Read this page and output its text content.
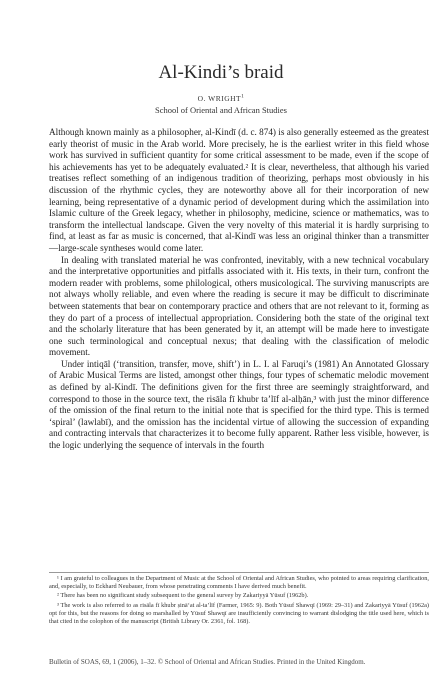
Al-Kindi’s braid
O. WRIGHT$^1$
School of Oriental and African Studies

Although known mainly as a philosopher, al-Kindī (d. c. 874) is also generally esteemed as the greatest early theorist of music in the Arab world. More precisely, he is the earliest writer in this field whose work has survived in sufficient quantity for some critical assessment to be made, even if the scope of his achievements has yet to be adequately evaluated.² It is clear, nevertheless, that although his varied treatises reflect something of an indigenous tradition of theorizing, perhaps most obviously in his discussion of the rhythmic cycles, they are noteworthy above all for their incorporation of new learning, being representative of a dynamic period of development during which the assimilation into Islamic culture of the Greek legacy, whether in philosophy, medicine, science or mathematics, was to transform the intellectual landscape. Given the very novelty of this material it is hardly surprising to find, at least as far as music is concerned, that al-Kindī was less an original thinker than a transmitter—large-scale syntheses would come later.

In dealing with translated material he was confronted, inevitably, with a new technical vocabulary and the interpretative opportunities and pitfalls associated with it. His texts, in their turn, confront the modern reader with problems, some philological, others musicological. The surviving manuscripts are not always wholly reliable, and even where the reading is secure it may be difficult to discriminate between statements that bear on contemporary practice and others that are not relevant to it, forming as they do part of a process of intellectual appropriation. Considering both the state of the original text and the scholarly literature that has been generated by it, an attempt will be made here to investigate one such terminological and conceptual nexus; that dealing with the classification of melodic movement.

Under intiqāl (‘transition, transfer, move, shift’) in L. I. al Faruqi’s (1981) An Annotated Glossary of Arabic Musical Terms are listed, amongst other things, four types of schematic melodic movement as defined by al-Kindī. The definitions given for the first three are seemingly straightforward, and correspond to those in the source text, the risāla fī khubr ta’līf al-alḥān,³ with just the minor difference of the omission of the final return to the initial note that is specified for the third type. This is termed ‘spiral’ (lawlabī), and the omission has the incidental virtue of allowing the succession of expanding and contracting intervals that characterizes it to become fully apparent. Rather less visible, however, is the logic underlying the sequence of intervals in the fourth

¹ I am grateful to colleagues in the Department of Music at the School of Oriental and African Studies, who pointed to areas requiring clarification, and, especially, to Eckhard Neubauer, from whose penetrating comments I have derived much benefit.

² There has been no significant study subsequent to the general survey by Zakariyyā Yūsuf (1962b).

³ The work is also referred to as risāla fī khubr ṣinā‘at al-ta’līf (Farmer, 1965: 9). Both Yūsuf Shawqī (1969: 29–31) and Zakariyyā Yūsuf (1962a) opt for this, but the reasons for doing so marshalled by Yūsuf Shawqī are insufficiently convincing to warrant dislodging the title used here, which is that cited in the colophon of the manuscript (British Library Or. 2361, fol. 168).

Bulletin of SOAS, 69, 1 (2006), 1–32. © School of Oriental and African Studies. Printed in the United Kingdom.
